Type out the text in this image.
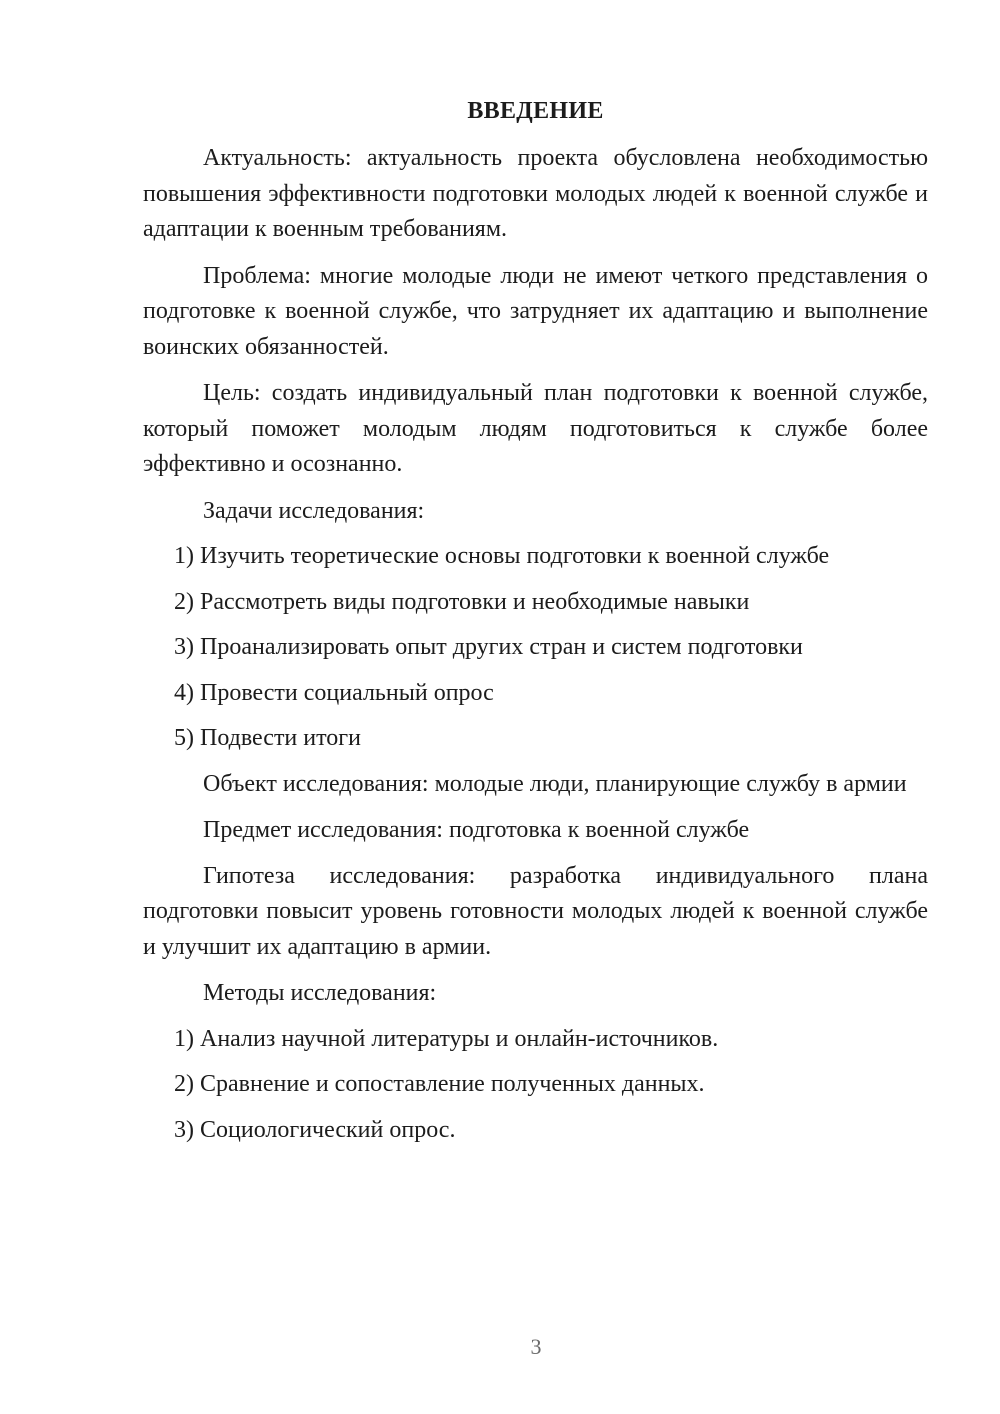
ВВЕДЕНИЕ

Актуальность: актуальность проекта обусловлена необходимостью повышения эффективности подготовки молодых людей к военной службе и адаптации к военным требованиям.

Проблема: многие молодые люди не имеют четкого представления о подготовке к военной службе, что затрудняет их адаптацию и выполнение воинских обязанностей.

Цель: создать индивидуальный план подготовки к военной службе, который поможет молодым людям подготовиться к службе более эффективно и осознанно.

Задачи исследования:

1) Изучить теоретические основы подготовки к военной службе
2) Рассмотреть виды подготовки и необходимые навыки
3) Проанализировать опыт других стран и систем подготовки
4) Провести социальный опрос
5) Подвести итоги

Объект исследования: молодые люди, планирующие службу в армии

Предмет исследования: подготовка к военной службе

Гипотеза исследования: разработка индивидуального плана подготовки повысит уровень готовности молодых людей к военной службе и улучшит их адаптацию в армии.

Методы исследования:

1) Анализ научной литературы и онлайн-источников.
2) Сравнение и сопоставление полученных данных.
3) Социологический опрос.

3
